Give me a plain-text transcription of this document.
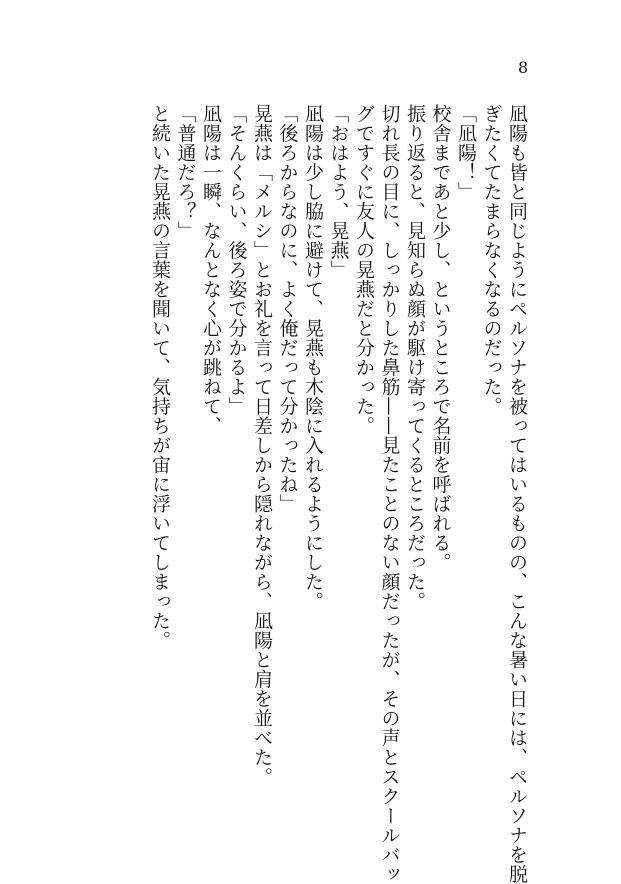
8
凪陽も皆と同じようにペルソナを被ってはいるものの、こんな暑い日には、ペルソナを脱
ぎたくてたまらなくなるのだった。
「凪陽！」
校舎まであと少し、というところで名前を呼ばれる。
振り返ると、見知らぬ顔が駆け寄ってくるところだった。
切れ長の目に、しっかりした鼻筋——見たことのない顔だったが、その声とスクールバッ
グですぐに友人の晃燕だと分かった。
「おはよう、晃燕」
凪陽は少し脇に避けて、晃燕も木陰に入れるようにした。
「後ろからなのに、よく俺だって分かったね」
晃燕は「メルシ」とお礼を言って日差しから隠れながら、凪陽と肩を並べた。
「そんくらい、後ろ姿で分かるよ」
凪陽は一瞬、なんとなく心が跳ねて、
「普通だろ？」
と続いた晃燕の言葉を聞いて、気持ちが宙に浮いてしまった。
